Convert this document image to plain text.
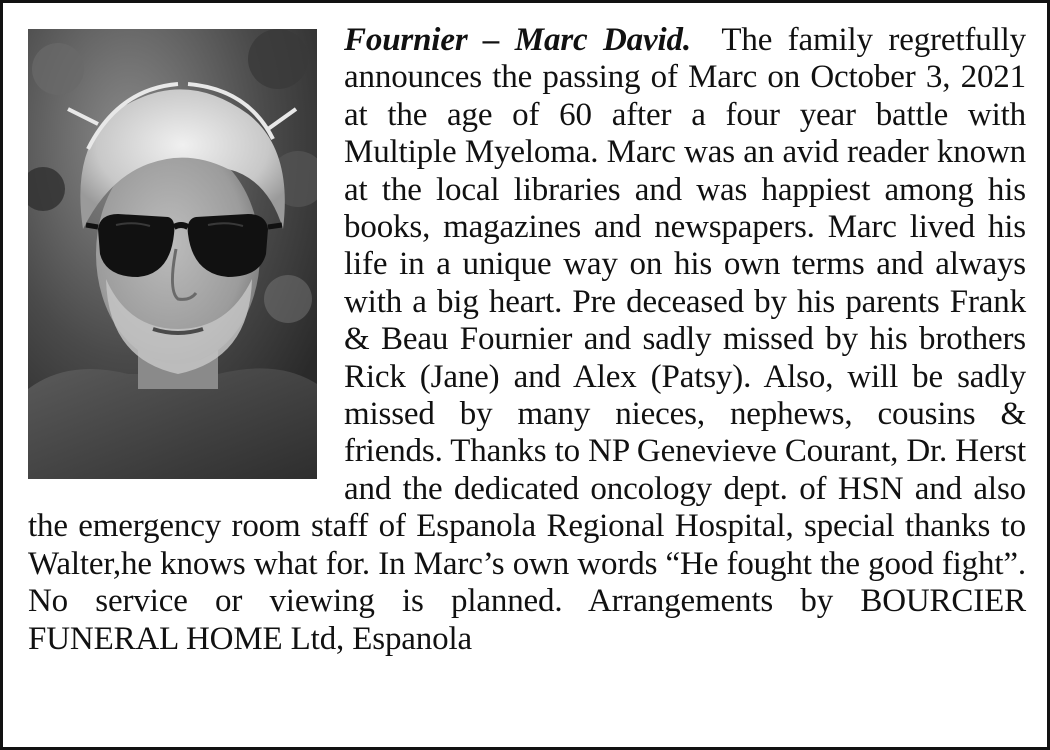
Fournier – Marc David. The family regretfully announces the passing of Marc on October 3, 2021 at the age of 60 after a four year battle with Multiple Myeloma. Marc was an avid reader known at the local libraries and was happiest among his books, magazines and newspapers. Marc lived his life in a unique way on his own terms and always with a big heart. Pre deceased by his parents Frank & Beau Fournier and sadly missed by his brothers Rick (Jane) and Alex (Patsy). Also, will be sadly missed by many nieces, nephews, cousins & friends. Thanks to NP Genevieve Courant, Dr. Herst and the dedicated oncology dept. of HSN and also the emergency room staff of Espanola Regional Hospital, special thanks to Walter,he knows what for. In Marc’s own words “He fought the good fight”. No service or viewing is planned. Arrangements by BOURCIER FUNERAL HOME Ltd, Espanola
